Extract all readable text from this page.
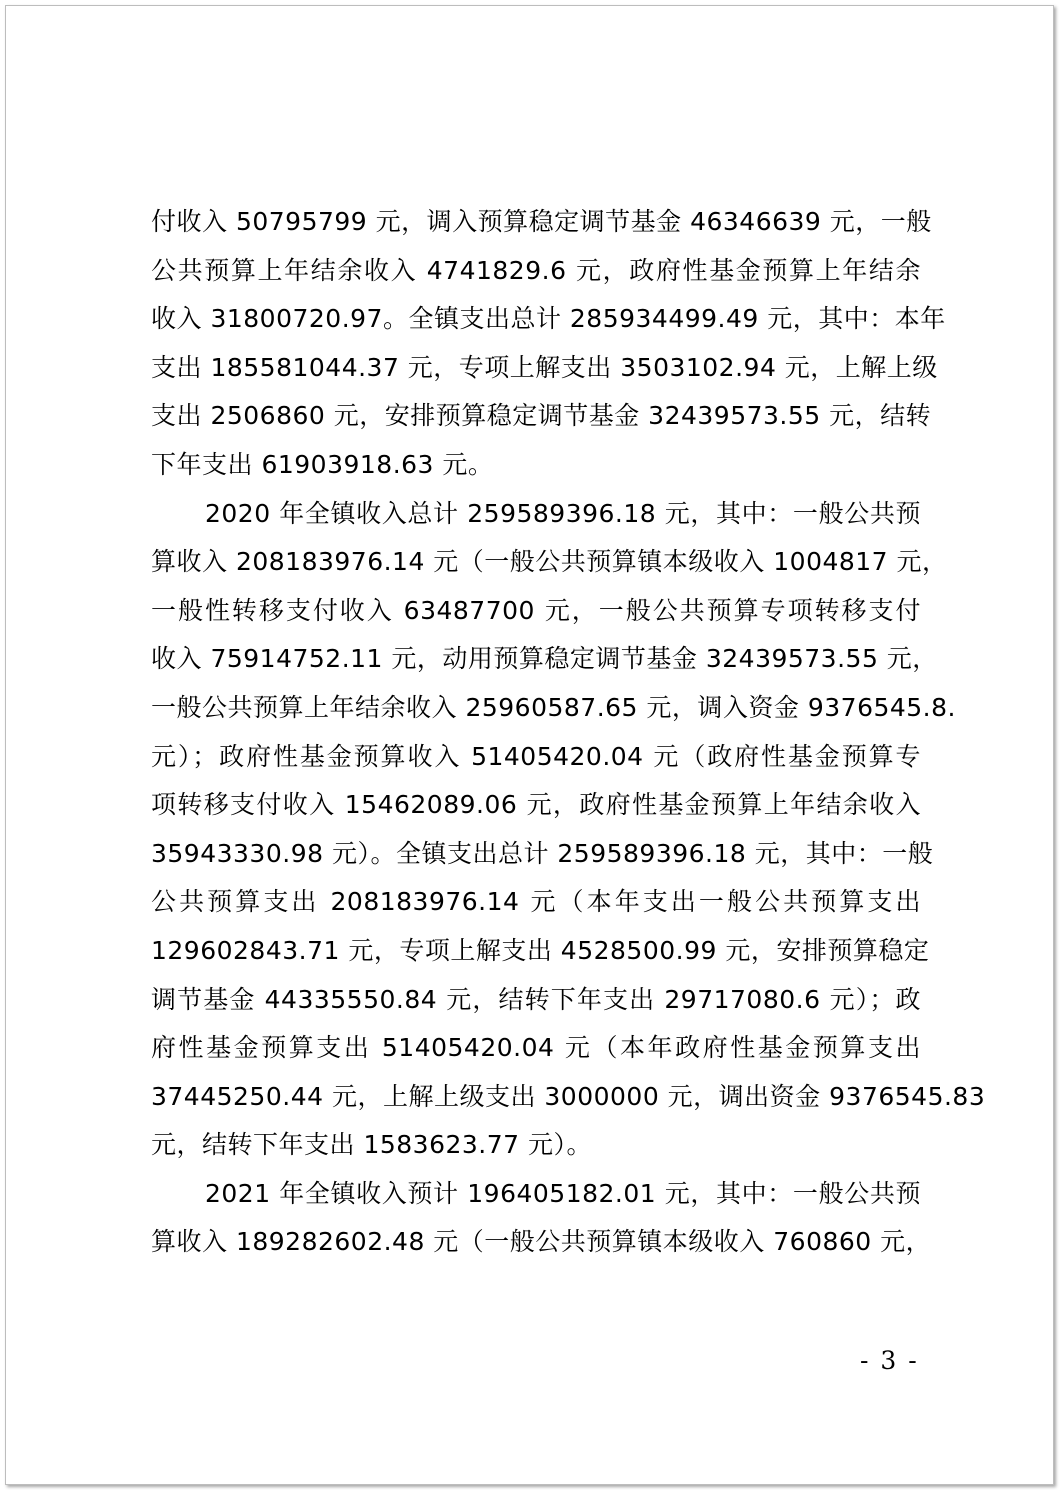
付收入 50795799 元，调入预算稳定调节基金 46346639 元，一般
公共预算上年结余收入 4741829.6 元，政府性基金预算上年结余
收入 31800720.97。全镇支出总计 285934499.49 元，其中：本年
支出 185581044.37 元，专项上解支出 3503102.94 元，上解上级
支出 2506860 元，安排预算稳定调节基金 32439573.55 元，结转
下年支出 61903918.63 元。
2020 年全镇收入总计 259589396.18 元，其中：一般公共预
算收入 208183976.14 元（一般公共预算镇本级收入 1004817 元，
一般性转移支付收入 63487700 元，一般公共预算专项转移支付
收入 75914752.11 元，动用预算稳定调节基金 32439573.55 元，
一般公共预算上年结余收入 25960587.65 元，调入资金 9376545.8.
元）；政府性基金预算收入 51405420.04 元（政府性基金预算专
项转移支付收入 15462089.06 元，政府性基金预算上年结余收入
35943330.98 元）。全镇支出总计 259589396.18 元，其中：一般
公共预算支出 208183976.14 元（本年支出一般公共预算支出
129602843.71 元，专项上解支出 4528500.99 元，安排预算稳定
调节基金 44335550.84 元，结转下年支出 29717080.6 元）；政
府性基金预算支出 51405420.04 元（本年政府性基金预算支出
37445250.44 元，上解上级支出 3000000 元，调出资金 9376545.83
元，结转下年支出 1583623.77 元）。
2021 年全镇收入预计 196405182.01 元，其中：一般公共预
算收入 189282602.48 元（一般公共预算镇本级收入 760860 元，
- 3 -
